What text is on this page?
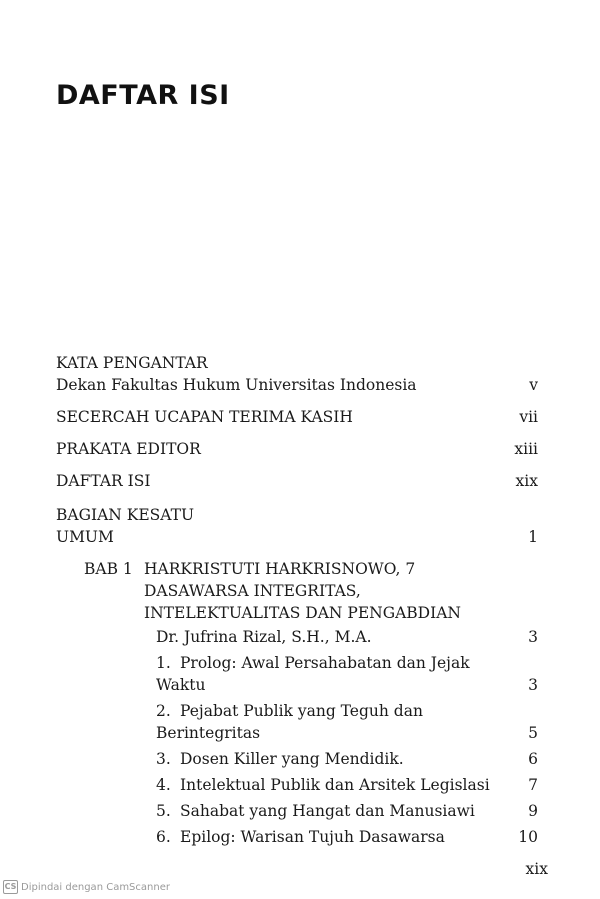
DAFTAR ISI
KATA PENGANTAR
Dekan Fakultas Hukum Universitas Indonesia	v
SECERCAH UCAPAN TERIMA KASIH	vii
PRAKATA EDITOR	xiii
DAFTAR ISI	xix
BAGIAN KESATU
UMUM	1
BAB 1 HARKRISTUTI HARKRISNOWO, 7
DASAWARSA INTEGRITAS,
INTELEKTUALITAS DAN PENGABDIAN
Dr. Jufrina Rizal, S.H., M.A.	3
1. Prolog: Awal Persahabatan dan Jejak Waktu	3
2. Pejabat Publik yang Teguh dan Berintegritas	5
3. Dosen Killer yang Mendidik.	6
4. Intelektual Publik dan Arsitek Legislasi	7
5. Sahabat yang Hangat dan Manusiawi	9
6. Epilog: Warisan Tujuh Dasawarsa	10
xix
CS Dipindai dengan CamScanner
